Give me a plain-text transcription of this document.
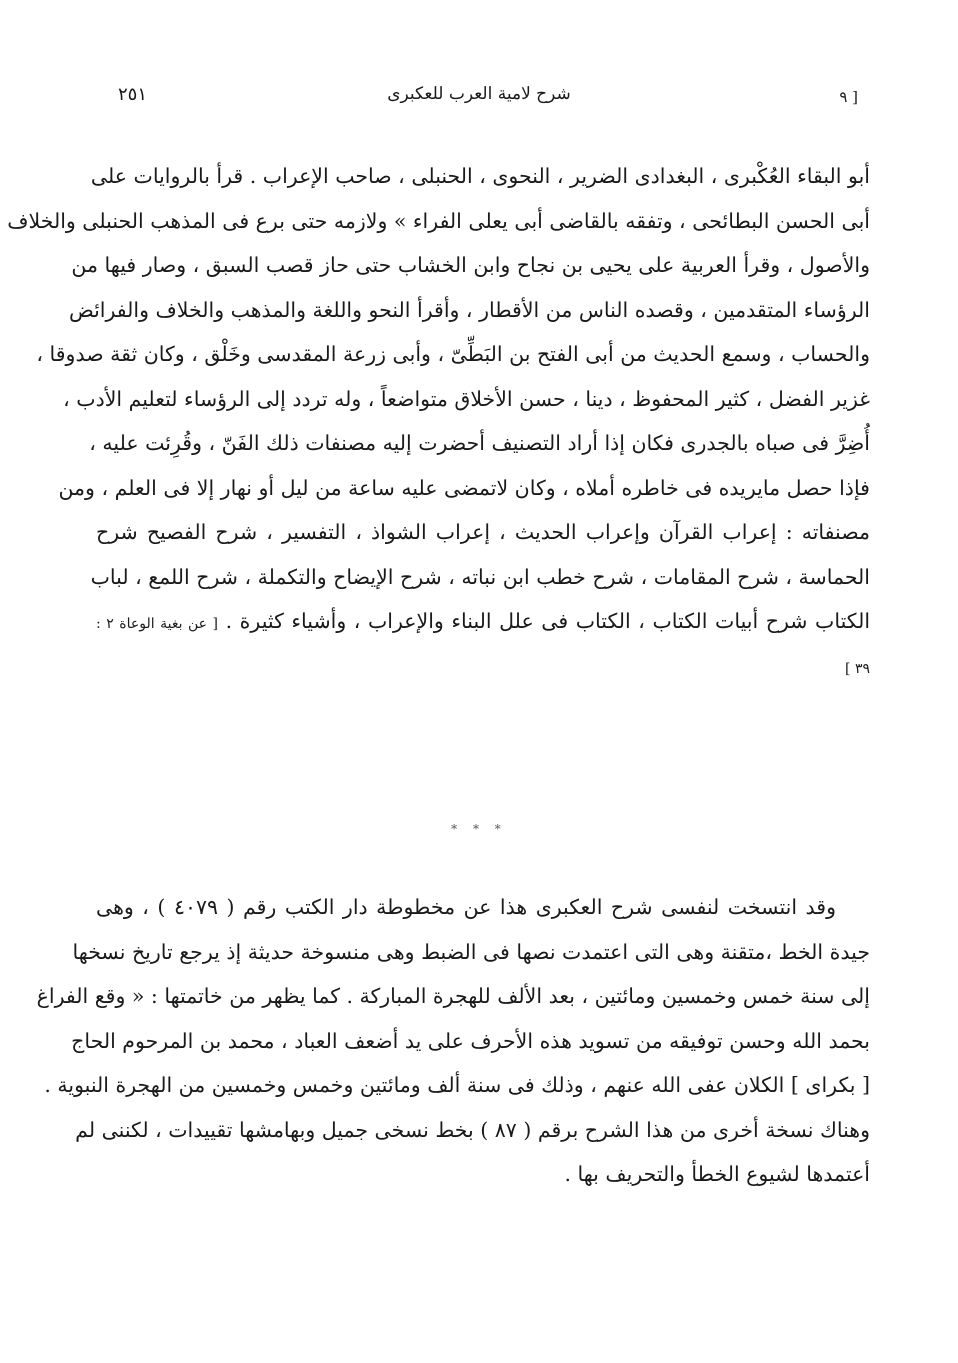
[ ٩
شرح لامية العرب للعكبرى
٢٥١
أبو البقاء العُكْبرى ، البغدادى الضرير ، النحوى ، الحنبلى ، صاحب الإعراب . قرأ بالروايات على
أبى الحسن البطائحى ، وتفقه بالقاضى أبى يعلى الفراء » ولازمه حتى برع فى المذهب الحنبلى والخلاف
والأصول ، وقرأ العربية على يحيى بن نجاح وابن الخشاب حتى حاز قصب السبق ، وصار فيها من
الرؤساء المتقدمين ، وقصده الناس من الأقطار ، وأقرأ النحو واللغة والمذهب والخلاف والفرائض
والحساب ، وسمع الحديث من أبى الفتح بن البَطِّىّ ، وأبى زرعة المقدسى وخَلْق ، وكان ثقة صدوقا ،
غزير الفضل ، كثير المحفوظ ، دينا ، حسن الأخلاق متواضعاً ، وله تردد إلى الرؤساء لتعليم الأدب ،
أُضِرَّ فى صباه بالجدرى فكان إذا أراد التصنيف أحضرت إليه مصنفات ذلك الفَنّ ، وقُرِئت عليه ،
فإذا حصل مايريده فى خاطره أملاه ، وكان لاتمضى عليه ساعة من ليل أو نهار إلا فى العلم ، ومن
مصنفاته : إعراب القرآن وإعراب الحديث ، إعراب الشواذ ، التفسير ، شرح الفصيح شرح
الحماسة ، شرح المقامات ، شرح خطب ابن نباته ، شرح الإيضاح والتكملة ، شرح اللمع ، لباب
الكتاب شرح أبيات الكتاب ، الكتاب فى علل البناء والإعراب ، وأشياء كثيرة . [ عن بغية الوعاة ٢ :
٣٩ ]
* * *
وقد انتسخت لنفسى شرح العكبرى هذا عن مخطوطة دار الكتب رقم ( ٤٠٧٩ ) ، وهى
جيدة الخط ،متقنة وهى التى اعتمدت نصها فى الضبط وهى منسوخة حديثة إذ يرجع تاريخ نسخها
إلى سنة خمس وخمسين ومائتين ، بعد الألف للهجرة المباركة . كما يظهر من خاتمتها : « وقع الفراغ
بحمد الله وحسن توفيقه من تسويد هذه الأحرف على يد أضعف العباد ، محمد بن المرحوم الحاج
[ بكراى ] الكلان عفى الله عنهم ، وذلك فى سنة ألف ومائتين وخمس وخمسين من الهجرة النبوية .
وهناك نسخة أخرى من هذا الشرح برقم ( ٨٧ ) بخط نسخى جميل وبهامشها تقييدات ، لكننى لم
أعتمدها لشيوع الخطأ والتحريف بها .
